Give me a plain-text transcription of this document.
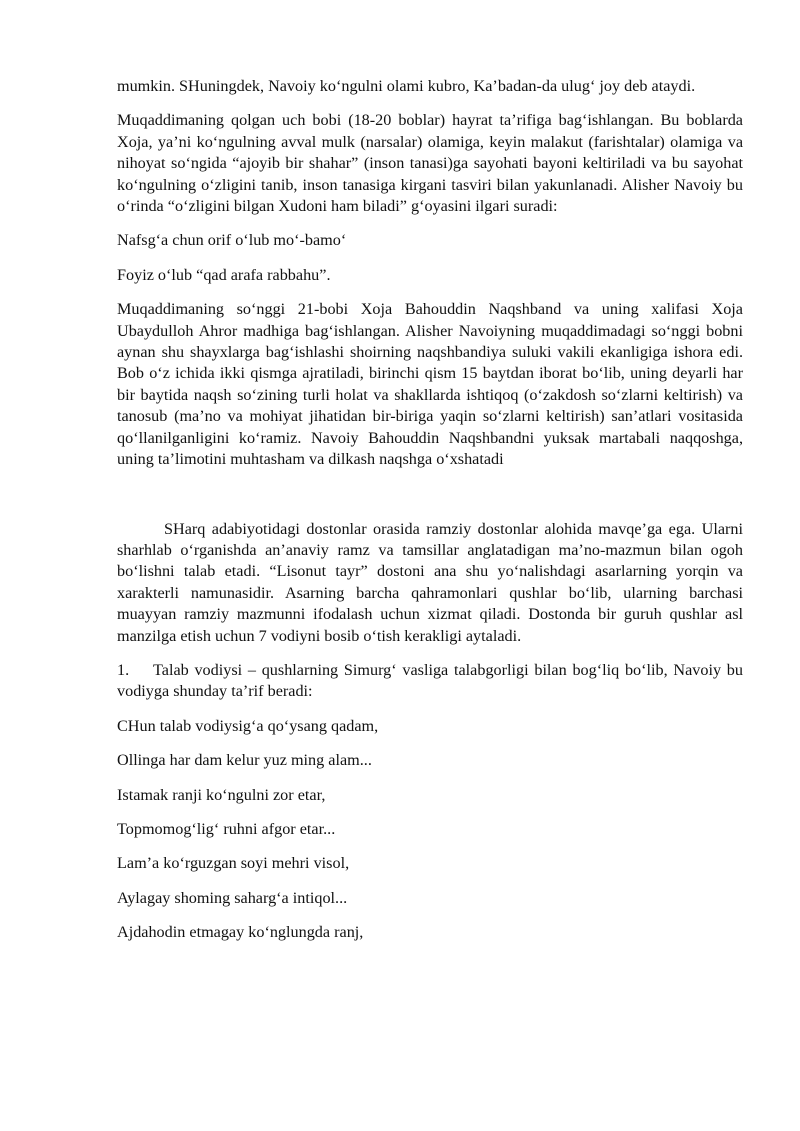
mumkin. SHuningdek, Navoiy ko‘ngulni olami kubro, Ka’badan-da ulug‘ joy deb ataydi.

Muqaddimaning qolgan uch bobi (18-20 boblar) hayrat ta’rifiga bag‘ishlangan. Bu boblarda Xoja, ya’ni ko‘ngulning avval mulk (narsalar) olamiga, keyin malakut (farishtalar) olamiga va nihoyat so‘ngida “ajoyib bir shahar” (inson tanasi)ga sayohati bayoni keltiriladi va bu sayohat ko‘ngulning o‘zligini tanib, inson tanasiga kirgani tasviri bilan yakunlanadi. Alisher Navoiy bu o‘rinda “o‘zligini bilgan Xudoni ham biladi” g‘oyasini ilgari suradi:

Nafsg‘a chun orif o‘lub mo‘-bamo‘

Foyiz o‘lub “qad arafa rabbahu”.

Muqaddimaning so‘nggi 21-bobi Xoja Bahouddin Naqshband va uning xalifasi Xoja Ubaydulloh Ahror madhiga bag‘ishlangan. Alisher Navoiyning muqaddimadagi so‘nggi bobni aynan shu shayxlarga bag‘ishlashi shoirning naqshbandiya suluki vakili ekanligiga ishora edi. Bob o‘z ichida ikki qismga ajratiladi, birinchi qism 15 baytdan iborat bo‘lib, uning deyarli har bir baytida naqsh so‘zining turli holat va shakllarda ishtiqoq (o‘zakdosh so‘zlarni keltirish) va tanosub (ma’no va mohiyat jihatidan bir-biriga yaqin so‘zlarni keltirish) san’atlari vositasida qo‘llanilganligini ko‘ramiz. Navoiy Bahouddin Naqshbandni yuksak martabali naqqoshga, uning ta’limotini muhtasham va dilkash naqshga o‘xshatadi

SHarq adabiyotidagi dostonlar orasida ramziy dostonlar alohida mavqe’ga ega. Ularni sharhlab o‘rganishda an’anaviy ramz va tamsillar anglatadigan ma’no-mazmun bilan ogoh bo‘lishni talab etadi. “Lisonut tayr” dostoni ana shu yo‘nalishdagi asarlarning yorqin va xarakterli namunasidir. Asarning barcha qahramonlari qushlar bo‘lib, ularning barchasi muayyan ramziy mazmunni ifodalash uchun xizmat qiladi. Dostonda bir guruh qushlar asl manzilga etish uchun 7 vodiyni bosib o‘tish kerakligi aytaladi.

1. Talab vodiysi – qushlarning Simurg‘ vasliga talabgorligi bilan bog‘liq bo‘lib, Navoiy bu vodiyga shunday ta’rif beradi:

CHun talab vodiysig‘a qo‘ysang qadam,

Ollinga har dam kelur yuz ming alam...

Istamak ranji ko‘ngulni zor etar,

Topmomog‘lig‘ ruhni afgor etar...

Lam’a ko‘rguzgan soyi mehri visol,

Aylagay shoming saharg‘a intiqol...

Ajdahodin etmagay ko‘nglungda ranj,
